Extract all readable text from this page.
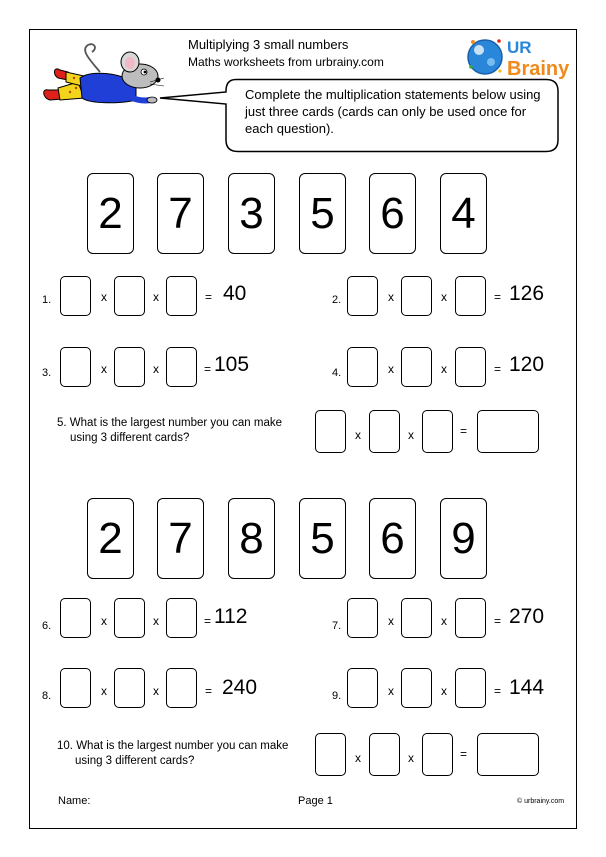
Multiplying 3 small numbers
Maths worksheets from urbrainy.com
UR
Brainy
Complete the multiplication statements below using just three cards (cards can only be used once for each question).
2 7 3 5 6 4
1.	x	x	= 40	2.	x	x	= 126
3.	x	x	= 105	4.	x	x	= 120
5. What is the largest number you can make
using 3 different cards?	x	x	=
2 7 8 5 6 9
6.	x	x	= 112	7.	x	x	= 270
8.	x	x	= 240	9.	x	x	= 144
10. What is the largest number you can make
using 3 different cards?	x	x	=
Name:	Page 1	© urbrainy.com
